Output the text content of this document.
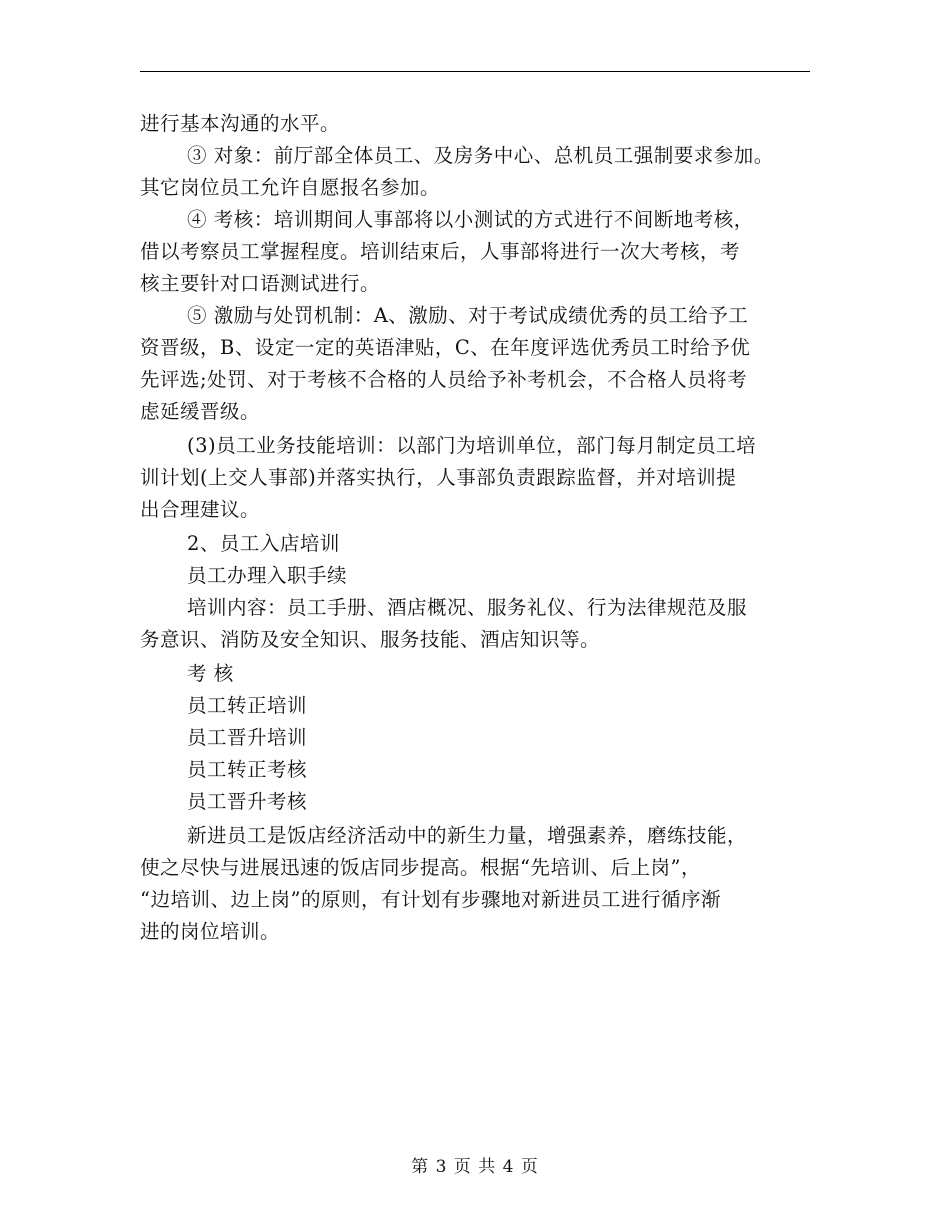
进行基本沟通的水平。
③ 对象：前厅部全体员工、及房务中心、总机员工强制要求参加。
其它岗位员工允许自愿报名参加。
④ 考核：培训期间人事部将以小测试的方式进行不间断地考核，
借以考察员工掌握程度。培训结束后，人事部将进行一次大考核，考
核主要针对口语测试进行。
⑤ 激励与处罚机制：A、激励、对于考试成绩优秀的员工给予工
资晋级，B、设定一定的英语津贴，C、在年度评选优秀员工时给予优
先评选;处罚、对于考核不合格的人员给予补考机会，不合格人员将考
虑延缓晋级。
(3)员工业务技能培训：以部门为培训单位，部门每月制定员工培
训计划(上交人事部)并落实执行，人事部负责跟踪监督，并对培训提
出合理建议。
2、员工入店培训
员工办理入职手续
培训内容：员工手册、酒店概况、服务礼仪、行为法律规范及服
务意识、消防及安全知识、服务技能、酒店知识等。
考 核
员工转正培训
员工晋升培训
员工转正考核
员工晋升考核
新进员工是饭店经济活动中的新生力量，增强素养，磨练技能，
使之尽快与进展迅速的饭店同步提高。根据“先培训、后上岗”，
“边培训、边上岗”的原则，有计划有步骤地对新进员工进行循序渐
进的岗位培训。
第 3 页 共 4 页
